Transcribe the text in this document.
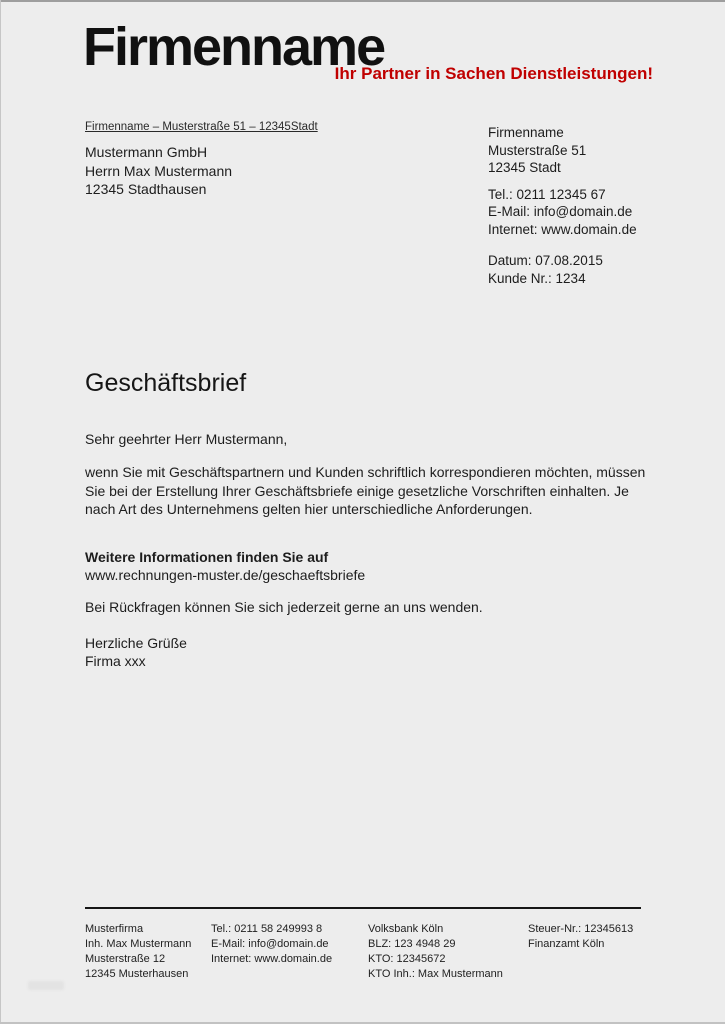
Firmenname
Ihr Partner in Sachen Dienstleistungen!
Firmenname – Musterstraße 51 – 12345Stadt
Mustermann GmbH
Herrn Max Mustermann
12345 Stadthausen
Firmenname
Musterstraße 51
12345 Stadt
Tel.: 0211 12345 67
E-Mail: info@domain.de
Internet: www.domain.de
Datum: 07.08.2015
Kunde Nr.: 1234
Geschäftsbrief
Sehr geehrter Herr Mustermann,
wenn Sie mit Geschäftspartnern und Kunden schriftlich korrespondieren möchten, müssen Sie bei der Erstellung Ihrer Geschäftsbriefe einige gesetzliche Vorschriften einhalten. Je nach Art des Unternehmens gelten hier unterschiedliche Anforderungen.
Weitere Informationen finden Sie auf
www.rechnungen-muster.de/geschaeftsbriefe
Bei Rückfragen können Sie sich jederzeit gerne an uns wenden.
Herzliche Grüße
Firma xxx
Musterfirma
Inh. Max Mustermann
Musterstraße 12
12345 Musterhausen
Tel.: 0211 58 249993 8
E-Mail: info@domain.de
Internet: www.domain.de
Volksbank Köln
BLZ: 123 4948 29
KTO: 12345672
KTO Inh.: Max Mustermann
Steuer-Nr.: 12345613
Finanzamt Köln
